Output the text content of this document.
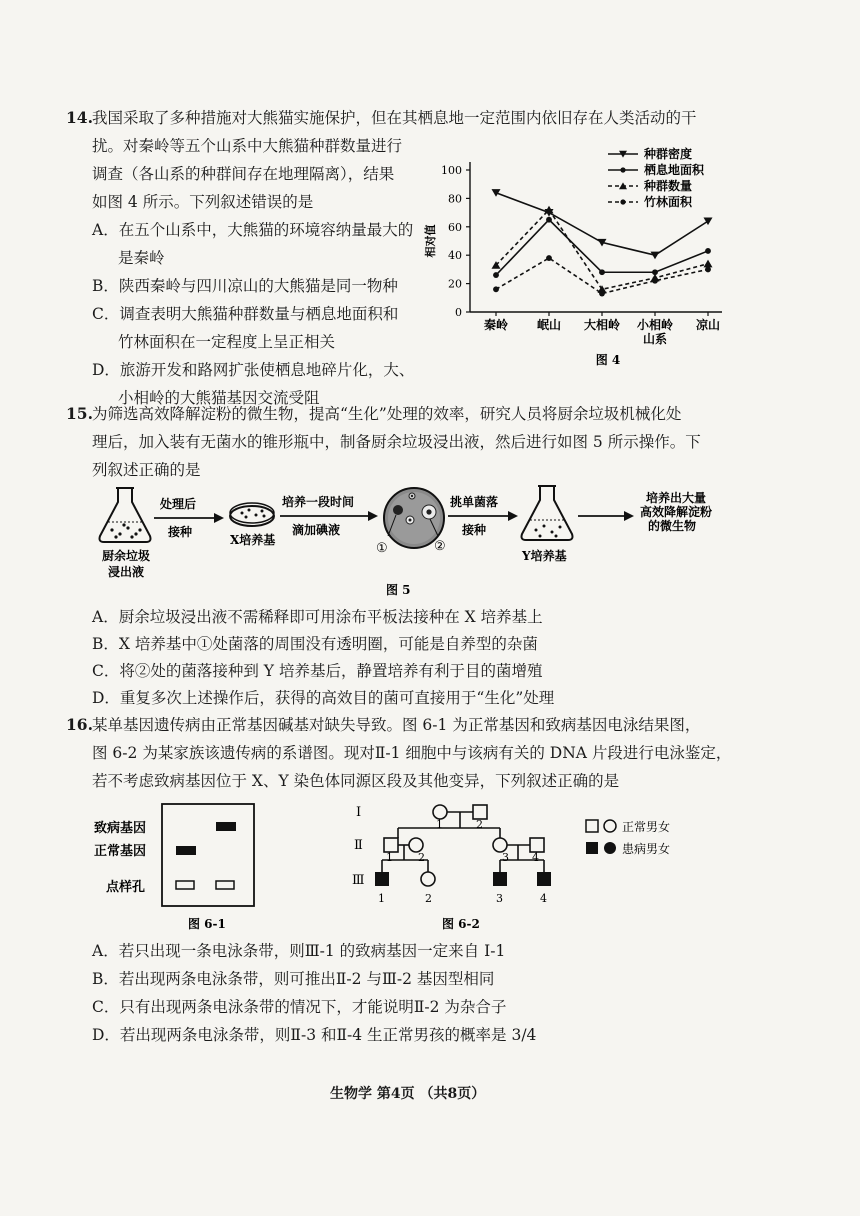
14. 我国采取了多种措施对大熊猫实施保护，但在其栖息地一定范围内依旧存在人类活动的干
扰。对秦岭等五个山系中大熊猫种群数量进行
调查（各山系的种群间存在地理隔离），结果
如图 4 所示。下列叙述错误的是
A．在五个山系中，大熊猫的环境容纳量最大的
是秦岭
B．陕西秦岭与四川凉山的大熊猫是同一物种
C．调查表明大熊猫种群数量与栖息地面积和
竹林面积在一定程度上呈正相关
D．旅游开发和路网扩张使栖息地碎片化，大、
小相岭的大熊猫基因交流受阻
种群密度
栖息地面积
种群数量
竹林面积
0
20
40
60
80
100
秦岭 岷山 大相岭 小相岭 凉山
山系
相对值
图 4
15. 为筛选高效降解淀粉的微生物，提高“生化”处理的效率，研究人员将厨余垃圾机械化处
理后，加入装有无菌水的锥形瓶中，制备厨余垃圾浸出液，然后进行如图 5 所示操作。下
列叙述正确的是
厨余垃 圾
浸出液
处理后
接种
X培养基
培养一段时间
滴加碘液
①	②
挑单菌落
接种
Y培养基
培养出大量
高效降解淀粉
的微生物
图 5
A．厨余垃圾浸出液不需稀释即可用涂布平板法接种在 X 培养基上
B．X 培养基中①处菌落的周围没有透明圈，可能是自养型的杂菌
C．将②处的菌落接种到 Y 培养基后，静置培养有利于目的菌增殖
D．重复多次上述操作后，获得的高效目的菌可直接用于“生化”处理
16. 某单基因遗传病由正常基因碱基对缺失导致。图 6-1 为正常基因和致病基因电泳结果图，
图 6-2 为某家族该遗传病的系谱图。现对Ⅱ-1 细胞中与该病有关的 DNA 片段进行电泳鉴定，
若不考虑致病基因位于 X、Y 染色体同源区段及其他变异，下列叙述正确的是
致病基因
正常基因
点样孔
图 6-1
Ⅰ
Ⅱ
Ⅲ
1	2
1 2	3 4
1	2	3	4
正常男女
患病男女
图 6-2
A．若只出现一条电泳条带，则Ⅲ-1 的致病基因一定来自 Ⅰ-1
B．若出现两条电泳条带，则可推出Ⅱ-2 与Ⅲ-2 基因型相同
C．只有出现两条电泳条带的情况下，才能说明Ⅱ-2 为杂合子
D．若出现两条电泳条带，则Ⅱ-3 和Ⅱ-4 生正常男孩的概率是 3/4
生物学 第4页 （共8页）
